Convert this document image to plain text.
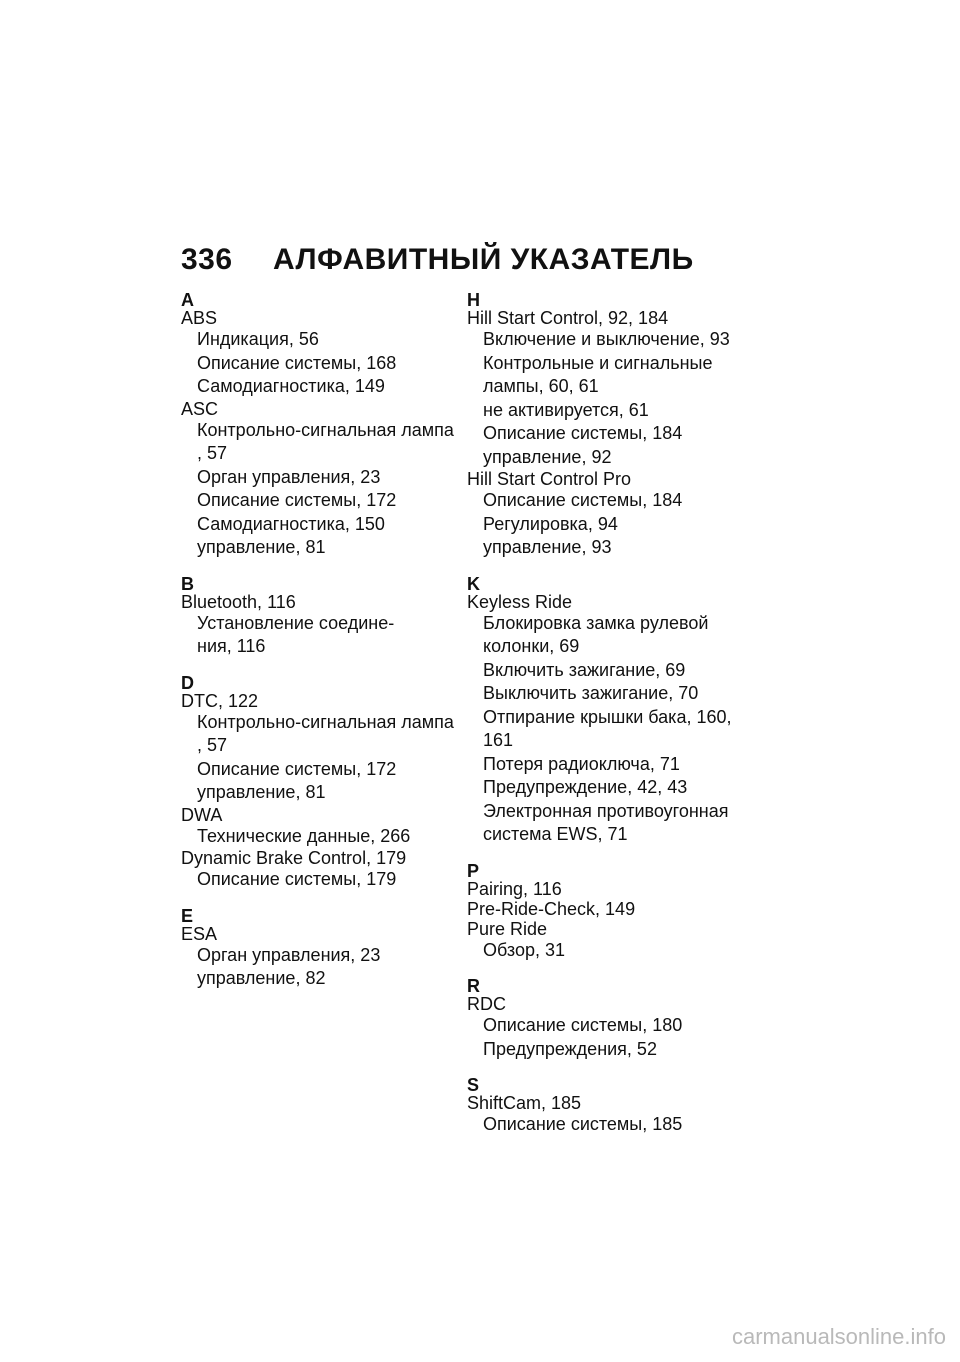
336 АЛФАВИТНЫЙ УКАЗАТЕЛЬ
A
ABS
Индикация, 56
Описание системы, 168
Самодиагностика, 149
ASC
Контрольно-сигнальная лампа
, 57
Орган управления, 23
Описание системы, 172
Самодиагностика, 150
управление, 81
B
Bluetooth, 116
Установление соедине-
ния, 116
D
DTC, 122
Контрольно-сигнальная лампа
, 57
Описание системы, 172
управление, 81
DWA
Технические данные, 266
Dynamic Brake Control, 179
Описание системы, 179
E
ESA
Орган управления, 23
управление, 82
H
Hill Start Control, 92, 184
Включение и выключение, 93
Контрольные и сигнальные
лампы, 60, 61
не активируется, 61
Описание системы, 184
управление, 92
Hill Start Control Pro
Описание системы, 184
Регулировка, 94
управление, 93
K
Keyless Ride
Блокировка замка рулевой
колонки, 69
Включить зажигание, 69
Выключить зажигание, 70
Отпирание крышки бака, 160,
161
Потеря радиоключа, 71
Предупреждение, 42, 43
Электронная противоугонная
система EWS, 71
P
Pairing, 116
Pre-Ride-Check, 149
Pure Ride
Обзор, 31
R
RDC
Описание системы, 180
Предупреждения, 52
S
ShiftCam, 185
Описание системы, 185
carmanualsonline.info
